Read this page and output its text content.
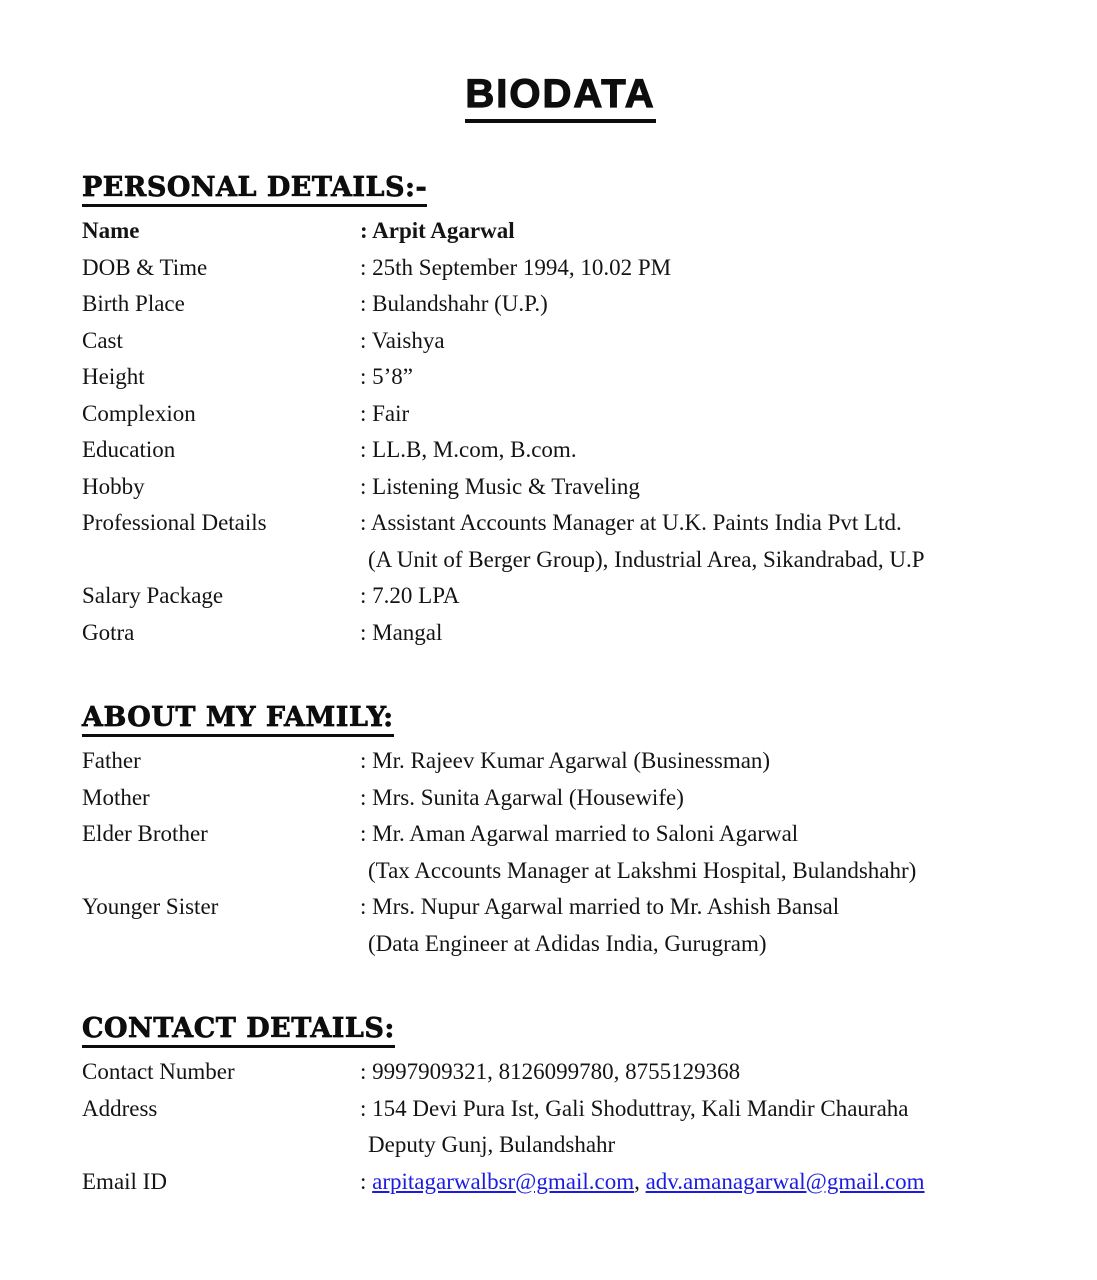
BIODATA
PERSONAL DETAILS:-
Name	: Arpit Agarwal
DOB & Time	: 25th September 1994, 10.02 PM
Birth Place	: Bulandshahr (U.P.)
Cast	: Vaishya
Height	: 5’8”
Complexion	: Fair
Education	: LL.B, M.com, B.com.
Hobby	: Listening Music & Traveling
Professional Details	: Assistant Accounts Manager at U.K. Paints India Pvt Ltd.
(A Unit of Berger Group), Industrial Area, Sikandrabad, U.P
Salary Package	: 7.20 LPA
Gotra	: Mangal
ABOUT MY FAMILY:
Father	: Mr. Rajeev Kumar Agarwal (Businessman)
Mother	: Mrs. Sunita Agarwal (Housewife)
Elder Brother	: Mr. Aman Agarwal married to Saloni Agarwal
(Tax Accounts Manager at Lakshmi Hospital, Bulandshahr)
Younger Sister	: Mrs. Nupur Agarwal married to Mr. Ashish Bansal
(Data Engineer at Adidas India, Gurugram)
CONTACT DETAILS:
Contact Number	: 9997909321, 8126099780, 8755129368
Address	: 154 Devi Pura Ist, Gali Shoduttray, Kali Mandir Chauraha
Deputy Gunj, Bulandshahr
Email ID	: arpitagarwalbsr@gmail.com, adv.amanagarwal@gmail.com
